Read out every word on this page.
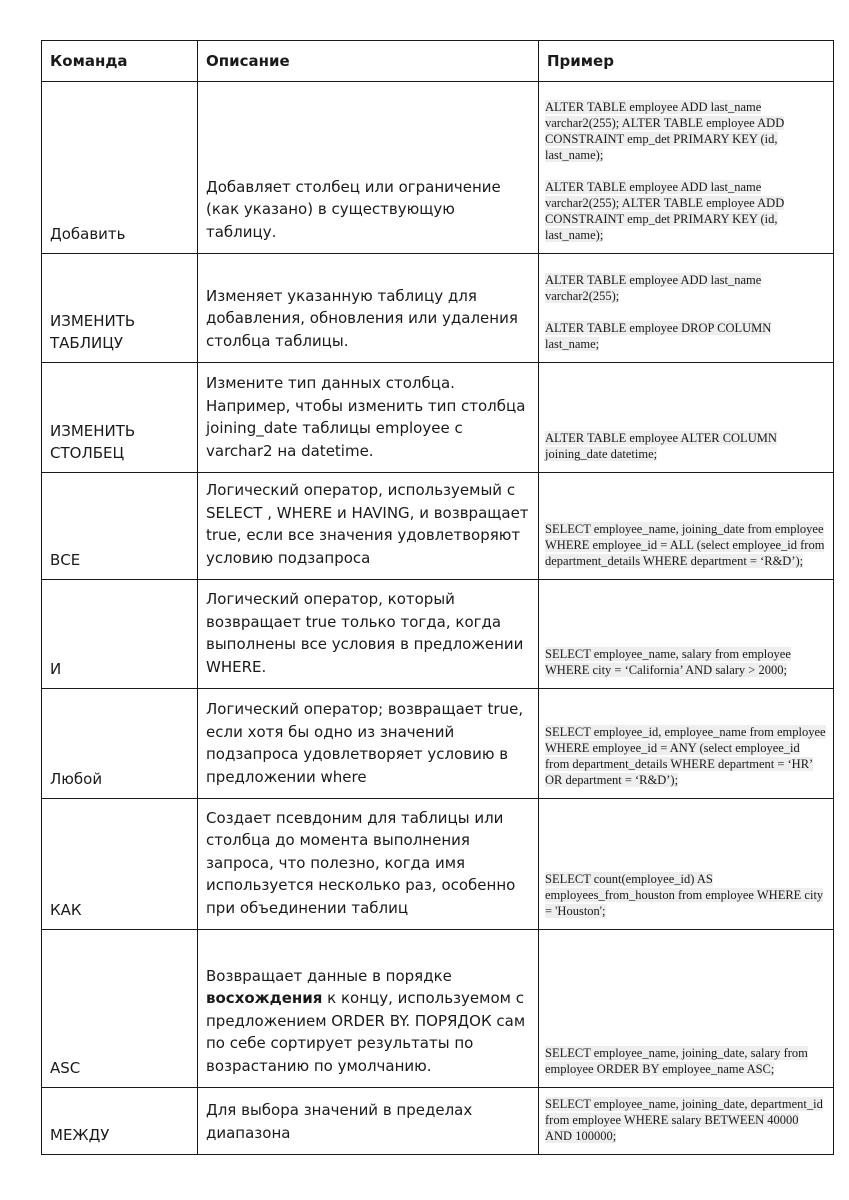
Команда	Описание	Пример
Добавить	Добавляет столбец или ограничение (как указано) в существующую таблицу.	ALTER TABLE employee ADD last_name varchar2(255); ALTER TABLE employee ADD CONSTRAINT emp_det PRIMARY KEY (id, last_name);
ALTER TABLE employee ADD last_name varchar2(255); ALTER TABLE employee ADD CONSTRAINT emp_det PRIMARY KEY (id, last_name);

ИЗМЕНИТЬ ТАБЛИЦУ	Изменяет указанную таблицу для добавления, обновления или удаления столбца таблицы.	ALTER TABLE employee ADD last_name varchar2(255);
ALTER TABLE employee DROP COLUMN last_name;

ИЗМЕНИТЬ СТОЛБЕЦ	Измените тип данных столбца. Например, чтобы изменить тип столбца joining_date таблицы employee с varchar2 на datetime.	ALTER TABLE employee ALTER COLUMN joining_date datetime;

ВСЕ	Логический оператор, используемый с SELECT , WHERE и HAVING, и возвращает true, если все значения удовлетворяют условию подзапроса	SELECT employee_name, joining_date from employee WHERE employee_id = ALL (select employee_id from department_details WHERE department = ‘R&D’);

И	Логический оператор, который возвращает true только тогда, когда выполнены все условия в предложении WHERE.	SELECT employee_name, salary from employee WHERE city = ‘California’ AND salary > 2000;

Любой	Логический оператор; возвращает true, если хотя бы одно из значений подзапроса удовлетворяет условию в предложении where	SELECT employee_id, employee_name from employee WHERE employee_id = ANY (select employee_id from department_details WHERE department = ‘HR’ OR department = ‘R&D’);

КАК	Создает псевдоним для таблицы или столбца до момента выполнения запроса, что полезно, когда имя используется несколько раз, особенно при объединении таблиц	SELECT count(employee_id) AS employees_from_houston from employee WHERE city = 'Houston';

ASC	Возвращает данные в порядке восхождения к концу, используемом с предложением ORDER BY. ПОРЯДОК сам по себе сортирует результаты по возрастанию по умолчанию.	SELECT employee_name, joining_date, salary from employee ORDER BY employee_name ASC;

МЕЖДУ	Для выбора значений в пределах диапазона	SELECT employee_name, joining_date, department_id from employee WHERE salary BETWEEN 40000 AND 100000;
